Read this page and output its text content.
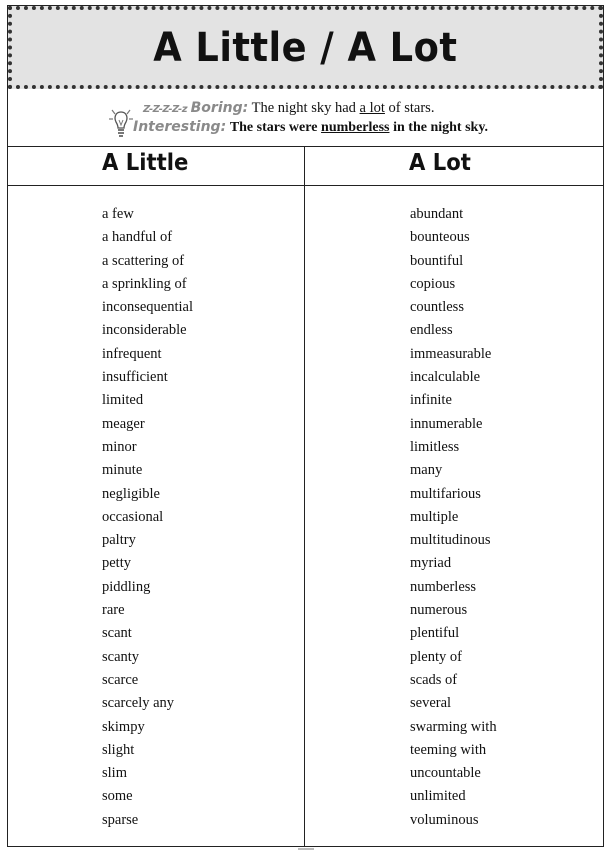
A Little / A Lot
Z-Z-Z-Z-z Boring: The night sky had a lot of stars.
Interesting: The stars were numberless in the night sky.
A Little	A Lot
a few
a handful of
a scattering of
a sprinkling of
inconsequential
inconsiderable
infrequent
insufficient
limited
meager
minor
minute
negligible
occasional
paltry
petty
piddling
rare
scant
scanty
scarce
scarcely any
skimpy
slight
slim
some
sparse
abundant
bounteous
bountiful
copious
countless
endless
immeasurable
incalculable
infinite
innumerable
limitless
many
multifarious
multiple
multitudinous
myriad
numberless
numerous
plentiful
plenty of
scads of
several
swarming with
teeming with
uncountable
unlimited
voluminous
